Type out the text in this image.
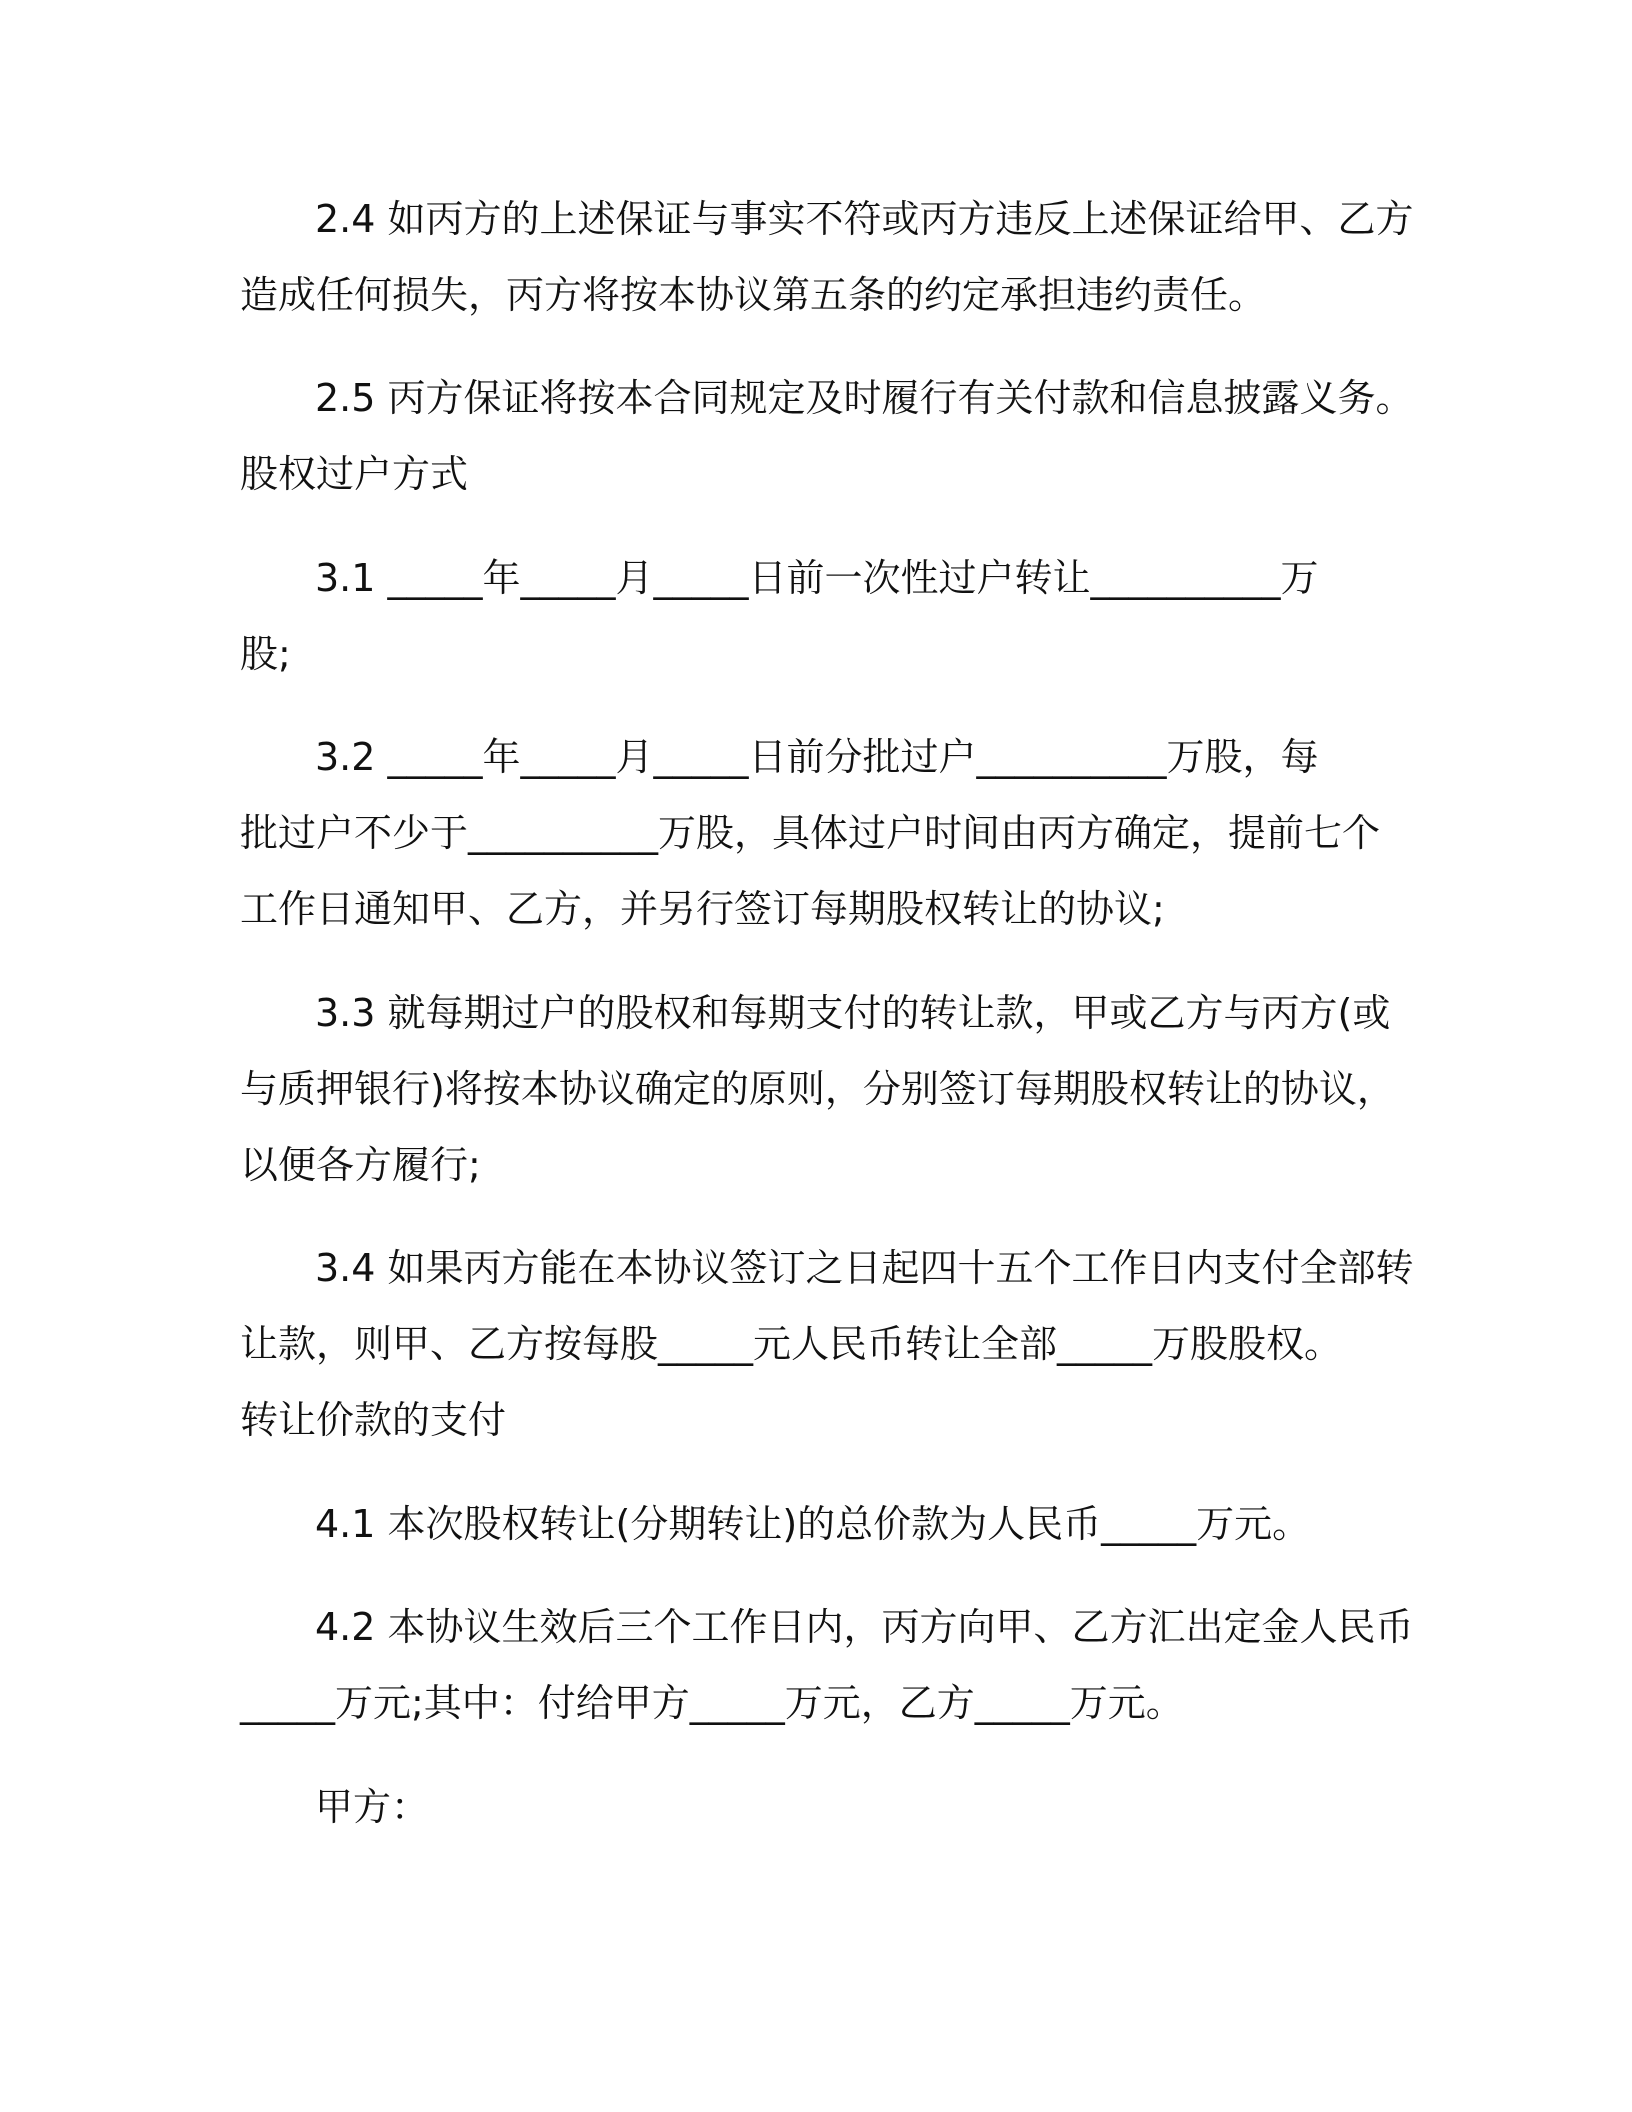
2.4 如丙方的上述保证与事实不符或丙方违反上述保证给甲、乙方
造成任何损失，丙方将按本协议第五条的约定承担违约责任。
2.5 丙方保证将按本合同规定及时履行有关付款和信息披露义务。
股权过户方式
3.1 _____年_____月_____日前一次性过户转让__________万
股;
3.2 _____年_____月_____日前分批过户__________万股，每
批过户不少于__________万股，具体过户时间由丙方确定，提前七个
工作日通知甲、乙方，并另行签订每期股权转让的协议;
3.3 就每期过户的股权和每期支付的转让款，甲或乙方与丙方(或
与质押银行)将按本协议确定的原则，分别签订每期股权转让的协议，
以便各方履行;
3.4 如果丙方能在本协议签订之日起四十五个工作日内支付全部转
让款，则甲、乙方按每股_____元人民币转让全部_____万股股权。
转让价款的支付
4.1 本次股权转让(分期转让)的总价款为人民币_____万元。
4.2 本协议生效后三个工作日内，丙方向甲、乙方汇出定金人民币
_____万元;其中：付给甲方_____万元，乙方_____万元。
甲方：
